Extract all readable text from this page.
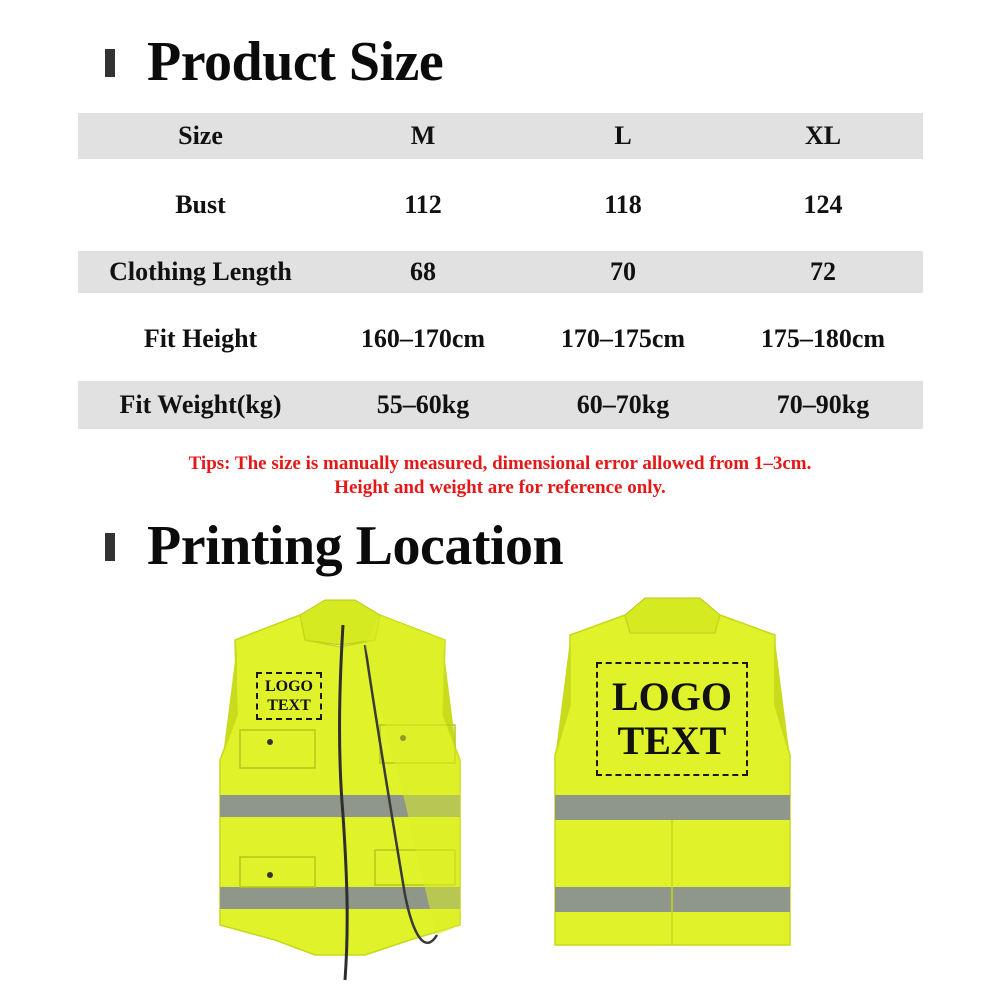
Product Size
Size	M	L	XL
Bust	112	118	124
Clothing Length	68	70	72
Fit Height	160–170cm	170–175cm	175–180cm
Fit Weight(kg)	55–60kg	60–70kg	70–90kg
Tips: The size is manually measured, dimensional error allowed from 1–3cm.
Height and weight are for reference only.
Printing Location
LOGO
TEXT	LOGO
TEXT
